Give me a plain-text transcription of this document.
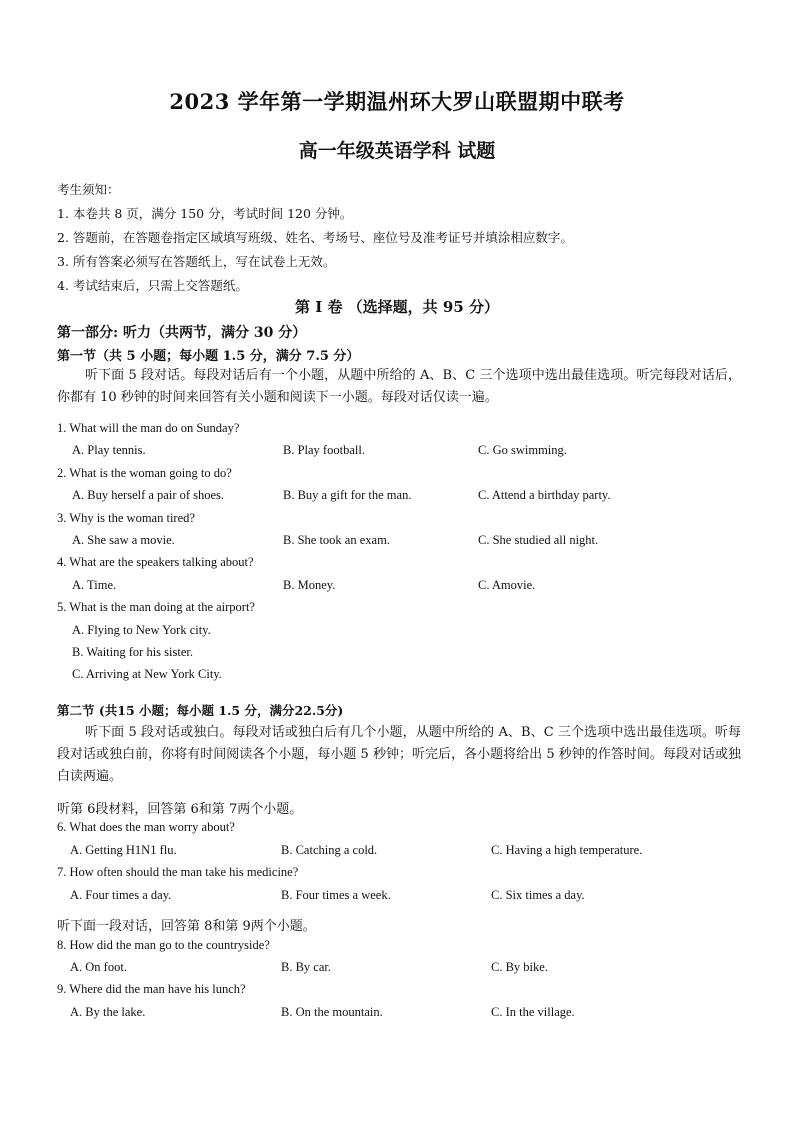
2023 学年第一学期温州环大罗山联盟期中联考
高一年级英语学科 试题
考生须知：
1. 本卷共 8 页，满分 150 分，考试时间 120 分钟。
2. 答题前，在答题卷指定区域填写班级、姓名、考场号、座位号及准考证号并填涂相应数字。
3. 所有答案必须写在答题纸上，写在试卷上无效。
4. 考试结束后，只需上交答题纸。
第 I 卷 （选择题，共 95 分）
第一部分: 听力（共两节，满分 30 分）
第一节（共 5 小题；每小题 1.5 分，满分 7.5 分）
听下面 5 段对话。每段对话后有一个小题，从题中所给的 A、B、C 三个选项中选出最佳选项。听完每段对话后，你都有 10 秒钟的时间来回答有关小题和阅读下一小题。每段对话仅读一遍。
1. What will the man do on Sunday?
A. Play tennis.	B. Play football.	C. Go swimming.
2. What is the woman going to do?
A. Buy herself a pair of shoes.	B. Buy a gift for the man.	C. Attend a birthday party.
3. Why is the woman tired?
A. She saw a movie.	B. She took an exam.	C. She studied all night.
4. What are the speakers talking about?
A. Time.	B. Money.	C. Amovie.
5. What is the man doing at the airport?
A. Flying to New York city.
B. Waiting for his sister.
C. Arriving at New York City.
第二节 (共15 小题；每小题 1.5 分，满分22.5分)
听下面 5 段对话或独白。每段对话或独白后有几个小题，从题中所给的 A、B、C 三个选项中选出最佳选项。听每段对话或独白前，你将有时间阅读各个小题，每小题 5 秒钟；听完后，各小题将给出 5 秒钟的作答时间。每段对话或独白读两遍。
听第 6段材料，回答第 6和第 7两个小题。
6. What does the man worry about?
A. Getting H1N1 flu.	B. Catching a cold.	C. Having a high temperature.
7. How often should the man take his medicine?
A. Four times a day.	B. Four times a week.	C. Six times a day.
听下面一段对话，回答第 8和第 9两个小题。
8. How did the man go to the countryside?
A. On foot.	B. By car.	C. By bike.
9. Where did the man have his lunch?
A. By the lake.	B. On the mountain.	C. In the village.
